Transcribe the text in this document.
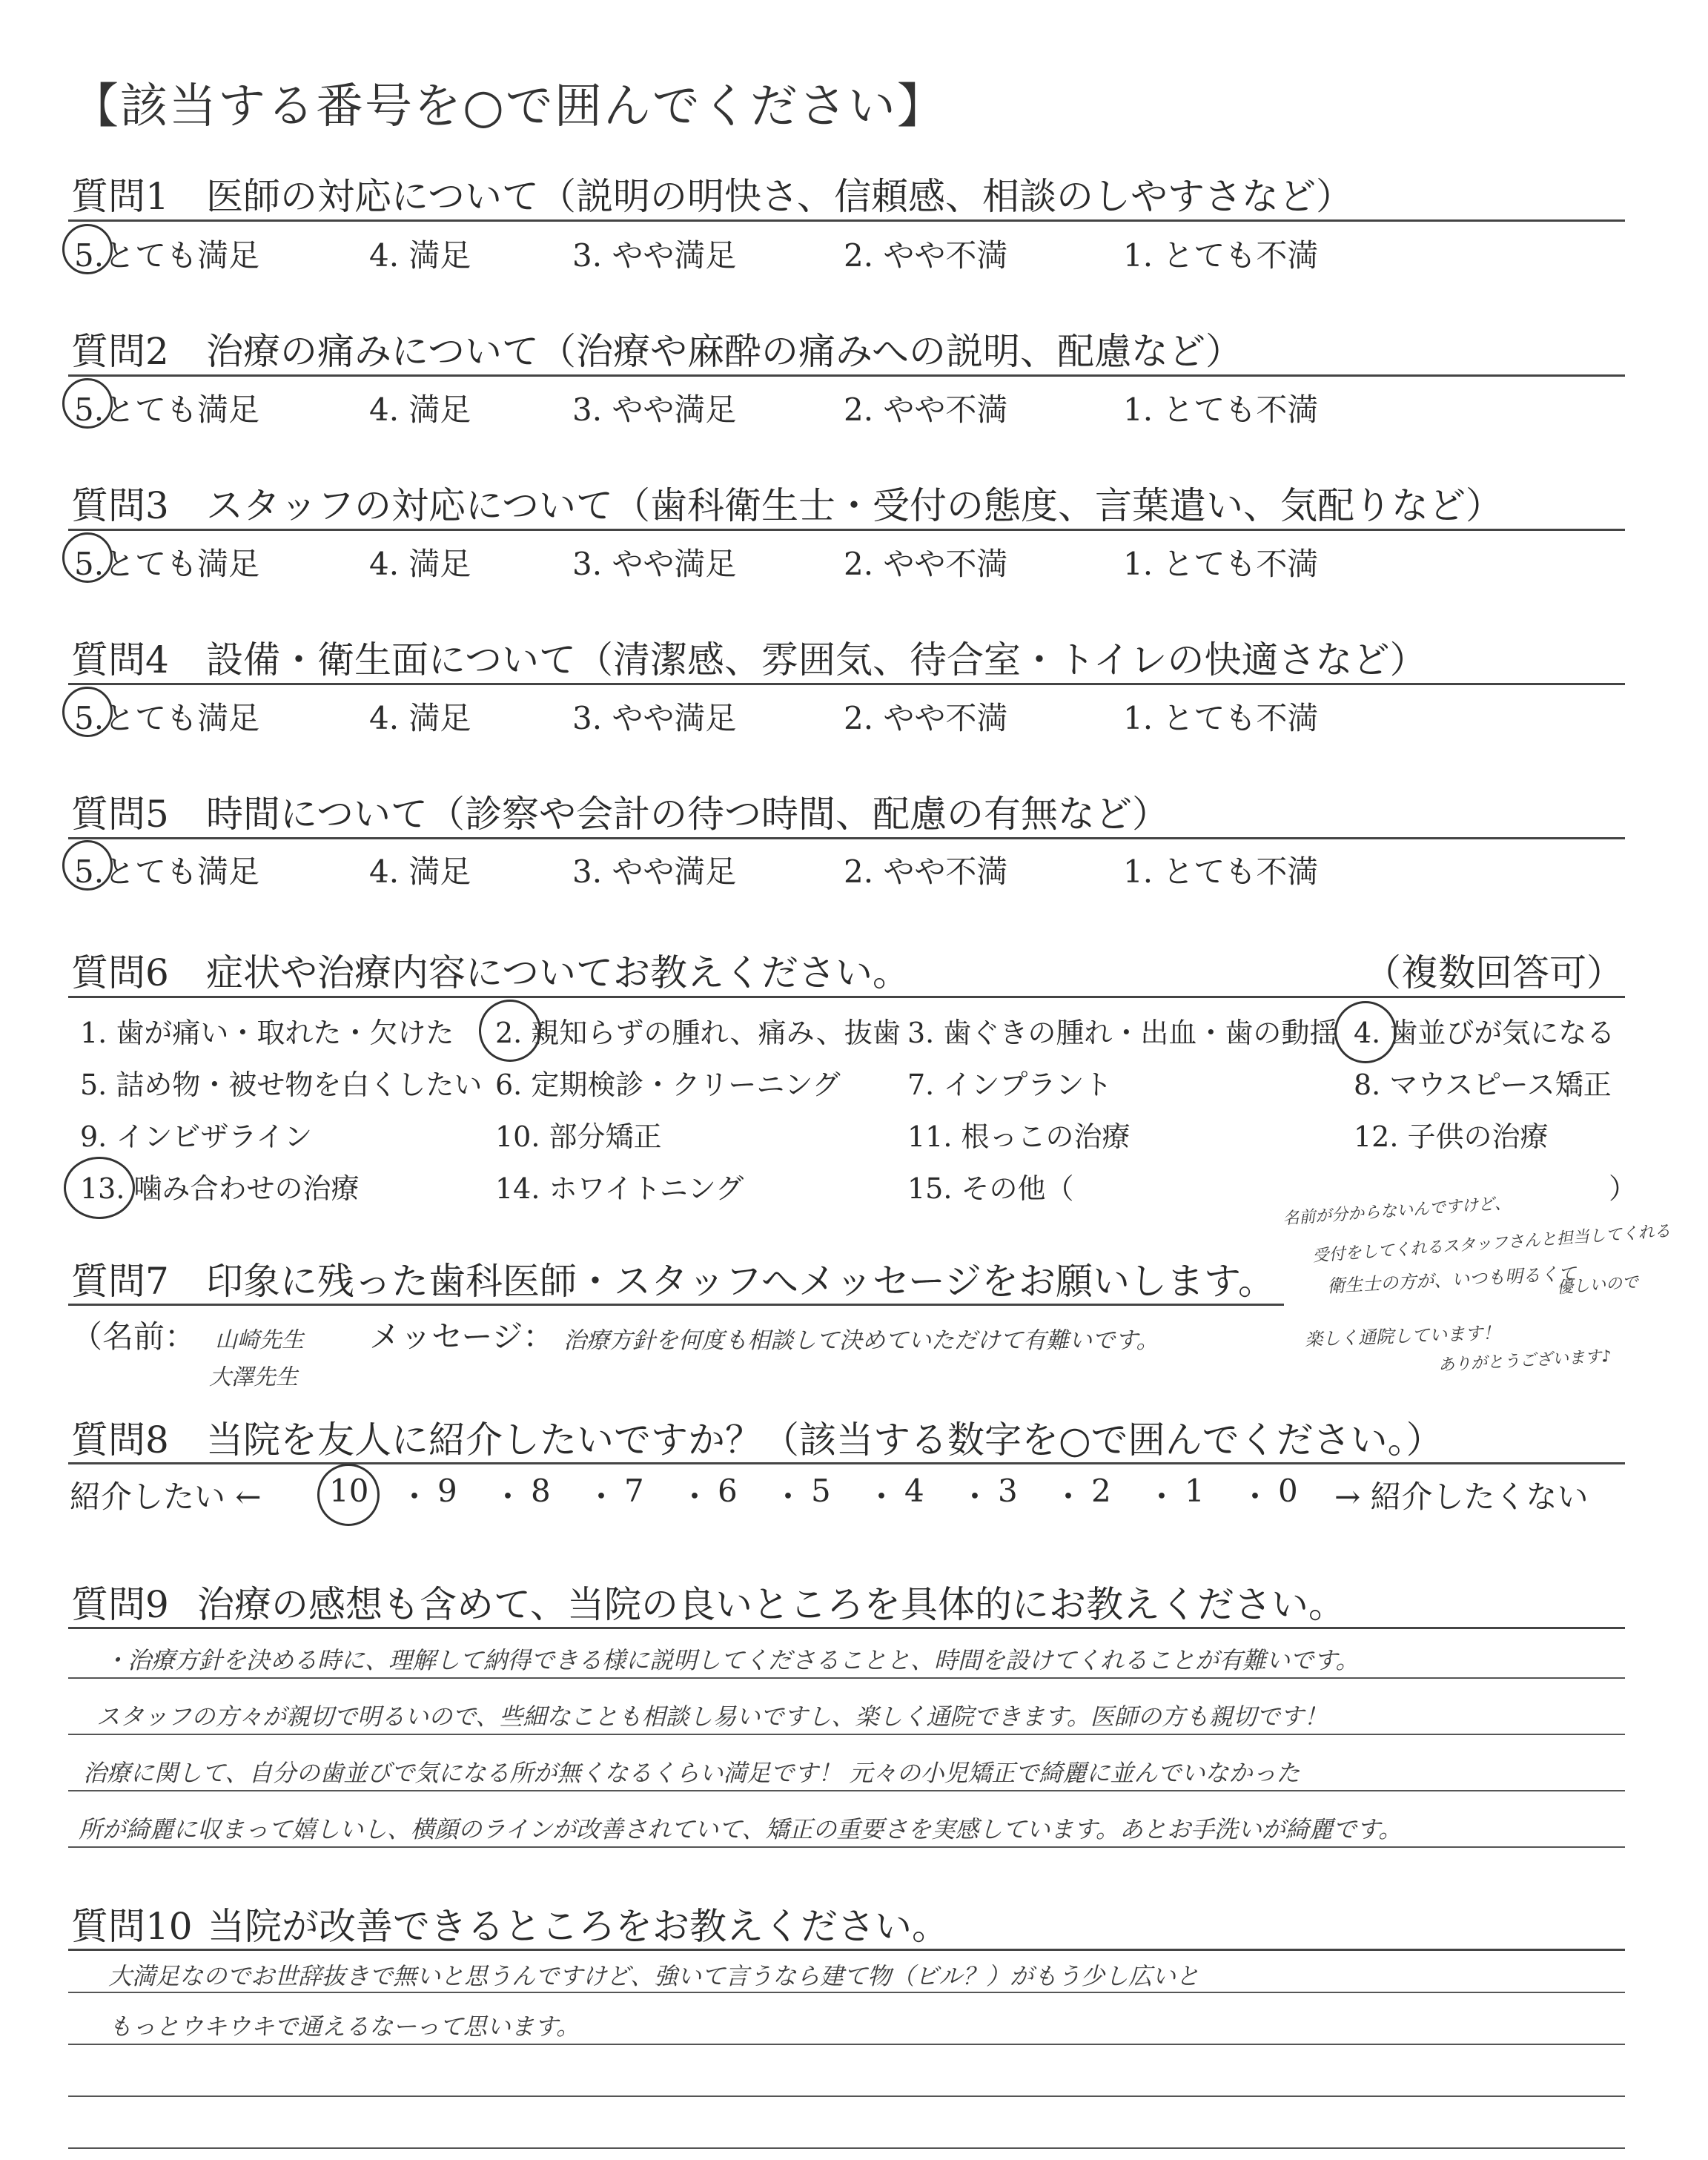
【該当する番号を○で囲んでください】
質問1 医師の対応について（説明の明快さ、信頼感、相談のしやすさなど）
5.とても満足	4. 満足	3. やや満足	2. やや不満	1. とても不満
質問2 治療の痛みについて（治療や麻酔の痛みへの説明、配慮など）
5.とても満足	4. 満足	3. やや満足	2. やや不満	1. とても不満
質問3 スタッフの対応について（歯科衛生士・受付の態度、言葉遣い、気配りなど）
5.とても満足	4. 満足	3. やや満足	2. やや不満	1. とても不満
質問4 設備・衛生面について（清潔感、雰囲気、待合室・トイレの快適さなど）
5.とても満足	4. 満足	3. やや満足	2. やや不満	1. とても不満
質問5 時間について（診察や会計の待つ時間、配慮の有無など）
5.とても満足	4. 満足	3. やや満足	2. やや不満	1. とても不満
質問6 症状や治療内容についてお教えください。	（複数回答可）
1. 歯が痛い・取れた・欠けた 2. 親知らずの腫れ、痛み、抜歯 3. 歯ぐきの腫れ・出血・歯の動揺 4. 歯並びが気になる
5. 詰め物・被せ物を白くしたい 6. 定期検診・クリーニング 7. インプラント	8. マウスピース矯正
9. インビザライン	10. 部分矯正	11. 根っこの治療	12. 子供の治療
13. 噛み合わせの治療	14. ホワイトニング	15. その他（	）
質問7 印象に残った歯科医師・スタッフへメッセージをお願いします。
（名前： 山崎先生
大澤先生
メッセージ： 治療方針を何度も相談して決めていただけて有難いです。
名前が分からないんですけど、
受付をしてくれるスタッフさんと担当してくれる
衛生士の方が、いつも明るくて
優しいので
楽しく通院しています！
ありがとうございます♪
質問8 当院を友人に紹介したいですか？（該当する数字を○で囲んでください。）
紹介したい ← 10 ・ 9 ・ 8 ・ 7 ・ 6 ・ 5 ・ 4 ・ 3 ・ 2 ・ 1 ・ 0 → 紹介したくない
質問9 治療の感想も含めて、当院の良いところを具体的にお教えください。
・治療方針を決める時に、理解して納得できる様に説明してくださることと、時間を設けてくれることが有難いです。
スタッフの方々が親切で明るいので、些細なことも相談し易いですし、楽しく通院できます。医師の方も親切です！
治療に関して、自分の歯並びで気になる所が無くなるくらい満足です！ 元々の小児矯正で綺麗に並んでいなかった
所が綺麗に収まって嬉しいし、横顔のラインが改善されていて、矯正の重要さを実感しています。あとお手洗いが綺麗です。
質問10 当院が改善できるところをお教えください。
大満足なのでお世辞抜きで無いと思うんですけど、強いて言うなら建て物（ビル？）がもう少し広いと
もっとウキウキで通えるなーって思います。
